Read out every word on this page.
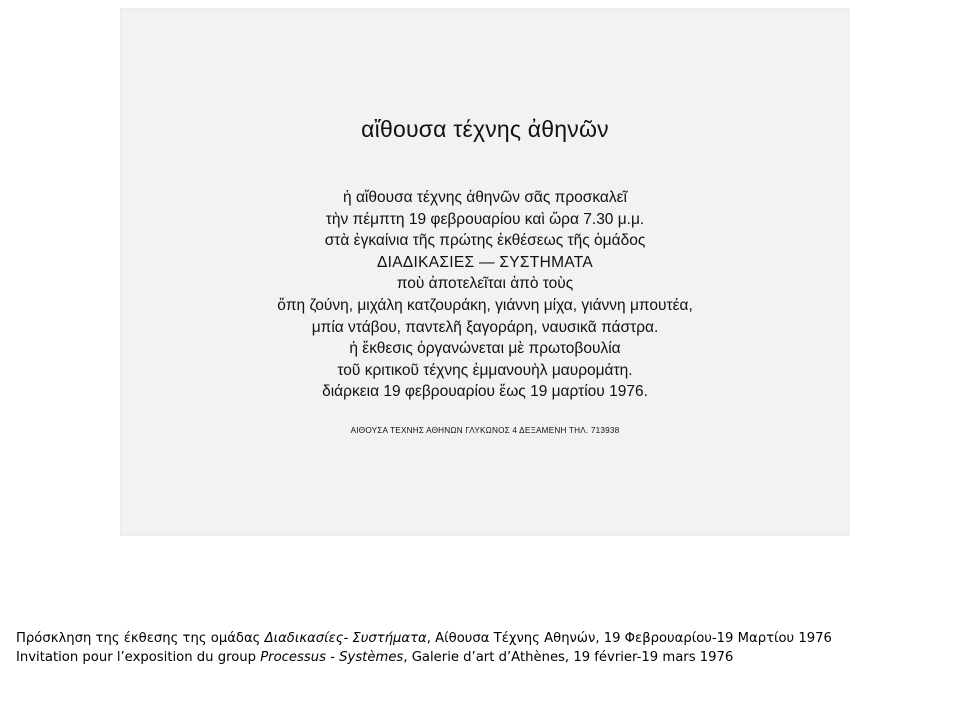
αἴθουσα τέχνης ἀθηνῶν
ἡ αἴθουσα τέχνης ἀθηνῶν σᾶς προσκαλεῖ
τὴν πέμπτη 19 φεβρουαρίου καὶ ὥρα 7.30 μ.μ.
στὰ ἐγκαίνια τῆς πρώτης ἐκθέσεως τῆς ὁμάδος
ΔΙΑΔΙΚΑΣΙΕΣ — ΣΥΣΤΗΜΑΤΑ
ποὺ ἀποτελεῖται ἀπὸ τοὺς
ὄπη ζούνη, μιχάλη κατζουράκη, γιάννη μίχα, γιάννη μπουτέα,
μπία ντάβου, παντελῆ ξαγοράρη, ναυσικᾶ πάστρα.
ἡ ἔκθεσις ὀργανώνεται μὲ πρωτοβουλία
τοῦ κριτικοῦ τέχνης ἐμμανουὴλ μαυρομάτη.
διάρκεια 19 φεβρουαρίου ἕως 19 μαρτίου 1976.
ΑΙΘΟΥΣΑ ΤΕΧΝΗΣ ΑΘΗΝΩΝ ΓΛΥΚΩΝΟΣ 4 ΔΕΞΑΜΕΝΗ ΤΗΛ. 713938

Πρόσκληση της έκθεσης της ομάδας Διαδικασίες- Συστήματα, Αίθουσα Τέχνης Αθηνών, 19 Φεβρουαρίου-19 Μαρτίου 1976

Invitation pour l’exposition du group Processus - Systèmes, Galerie d’art d’Athènes, 19 février-19 mars 1976
